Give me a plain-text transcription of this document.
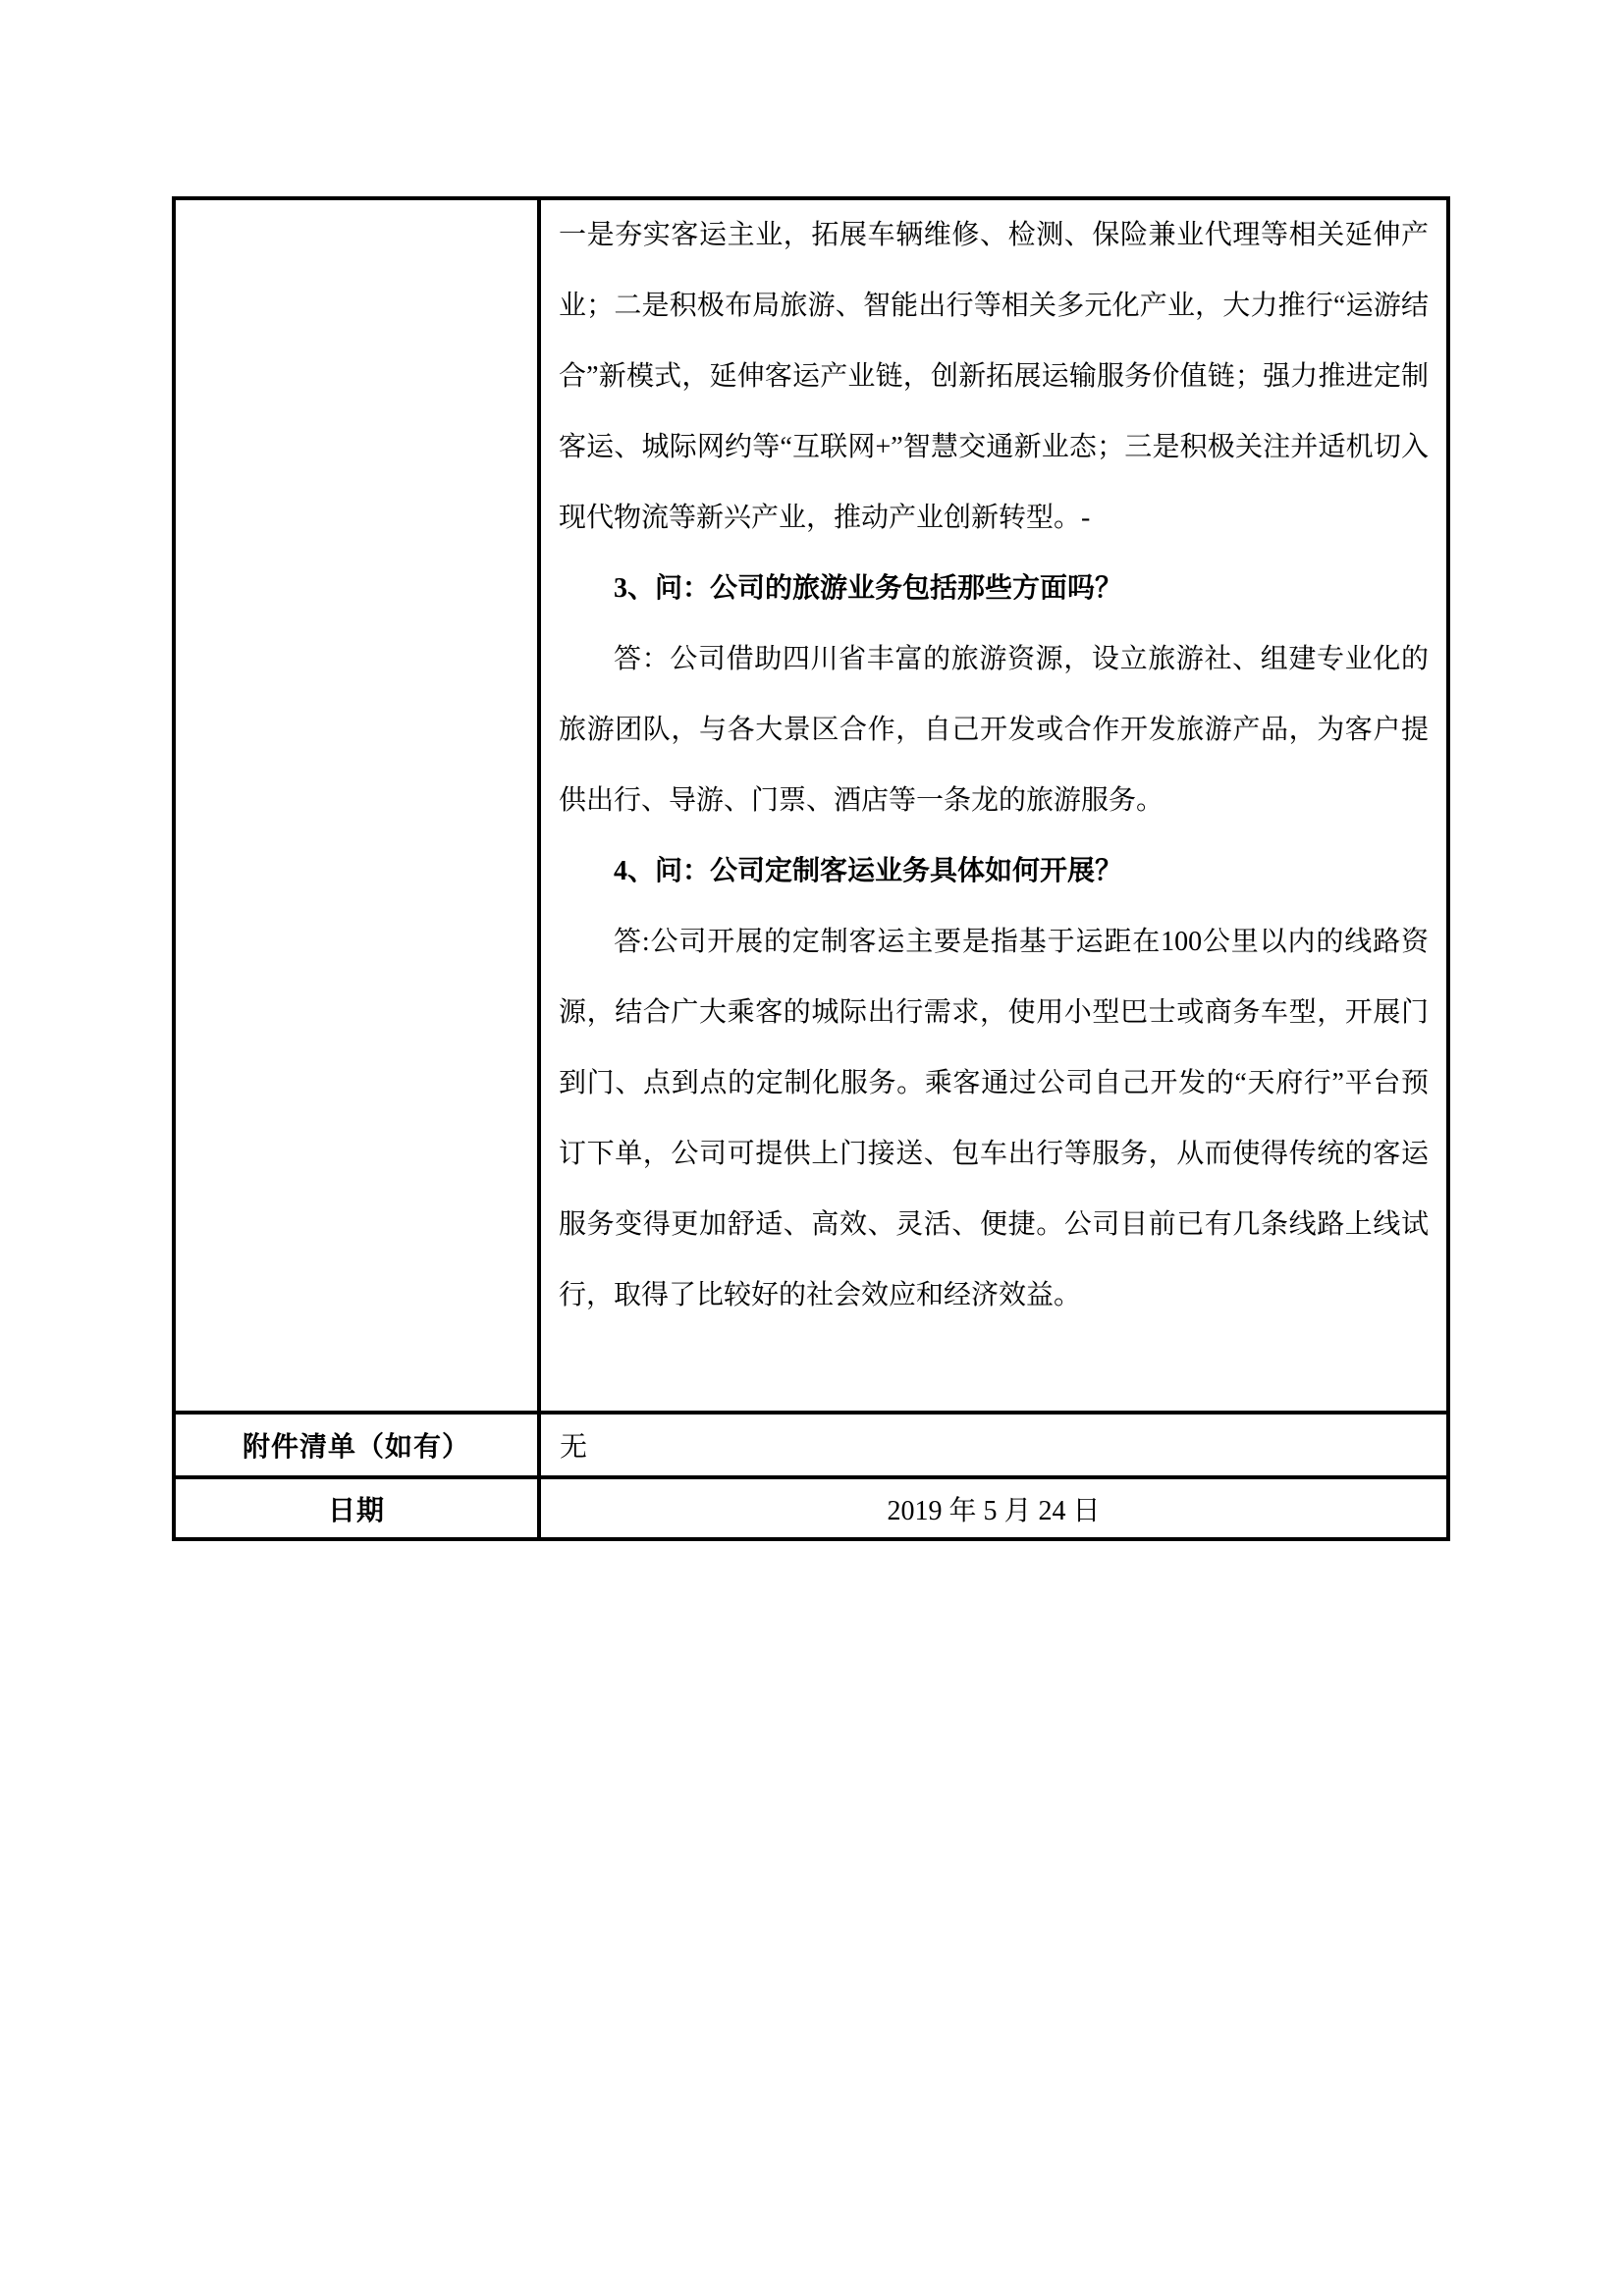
一是夯实客运主业，拓展车辆维修、检测、保险兼业代理等相关延伸产业；二是积极布局旅游、智能出行等相关多元化产业，大力推行“运游结合”新模式，延伸客运产业链，创新拓展运输服务价值链；强力推进定制客运、城际网约等“互联网+”智慧交通新业态；三是积极关注并适机切入现代物流等新兴产业，推动产业创新转型。-

3、问：公司的旅游业务包括那些方面吗？

答：公司借助四川省丰富的旅游资源，设立旅游社、组建专业化的旅游团队，与各大景区合作，自己开发或合作开发旅游产品，为客户提供出行、导游、门票、酒店等一条龙的旅游服务。

4、问：公司定制客运业务具体如何开展？

答:公司开展的定制客运主要是指基于运距在100公里以内的线路资源，结合广大乘客的城际出行需求，使用小型巴士或商务车型，开展门到门、点到点的定制化服务。乘客通过公司自己开发的“天府行”平台预订下单，公司可提供上门接送、包车出行等服务，从而使得传统的客运服务变得更加舒适、高效、灵活、便捷。公司目前已有几条线路上线试行，取得了比较好的社会效应和经济效益。

附件清单（如有）	无
日期	2019 年 5 月 24 日
